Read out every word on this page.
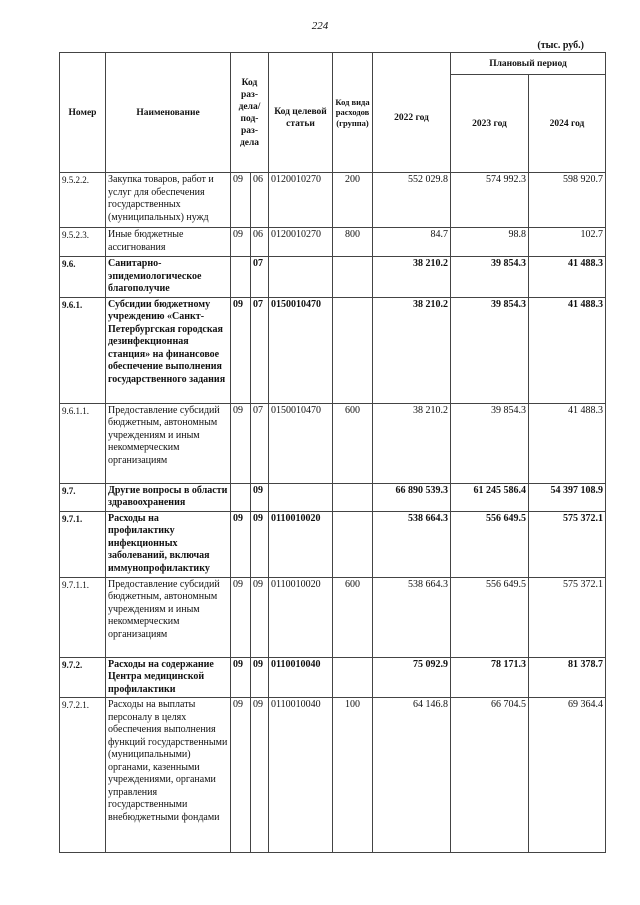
224
(тыс. руб.)
Номер	Наименование	Код раз-дела/ под-раз-дела		Код целевой статьи	Код вида расходов (группа)	2022 год	Плановый период	
							2023 год	2024 год
9.5.2.2.	Закупка товаров, работ и услуг для обеспечения государственных (муниципальных) нужд	09	06	0120010270	200	552 029.8	574 992.3	598 920.7
9.5.2.3.	Иные бюджетные ассигнования	09	06	0120010270	800	84.7	98.8	102.7
9.6.	Санитарно-эпидемиологическое благополучие		07			38 210.2	39 854.3	41 488.3
9.6.1.	Субсидии бюджетному учреждению «Санкт-Петербургская городская дезинфекционная станция» на финансовое обеспечение выполнения государственного задания	09	07	0150010470		38 210.2	39 854.3	41 488.3
9.6.1.1.	Предоставление субсидий бюджетным, автономным учреждениям и иным некоммерческим организациям	09	07	0150010470	600	38 210.2	39 854.3	41 488.3
9.7.	Другие вопросы в области здравоохранения		09			66 890 539.3	61 245 586.4	54 397 108.9
9.7.1.	Расходы на профилактику инфекционных заболеваний, включая иммунопрофилактику	09	09	0110010020		538 664.3	556 649.5	575 372.1
9.7.1.1.	Предоставление субсидий бюджетным, автономным учреждениям и иным некоммерческим организациям	09	09	0110010020	600	538 664.3	556 649.5	575 372.1
9.7.2.	Расходы на содержание Центра медицинской профилактики	09	09	0110010040		75 092.9	78 171.3	81 378.7
9.7.2.1.	Расходы на выплаты персоналу в целях обеспечения выполнения функций государственными (муниципальными) органами, казенными учреждениями, органами управления государственными внебюджетными фондами	09	09	0110010040	100	64 146.8	66 704.5	69 364.4
